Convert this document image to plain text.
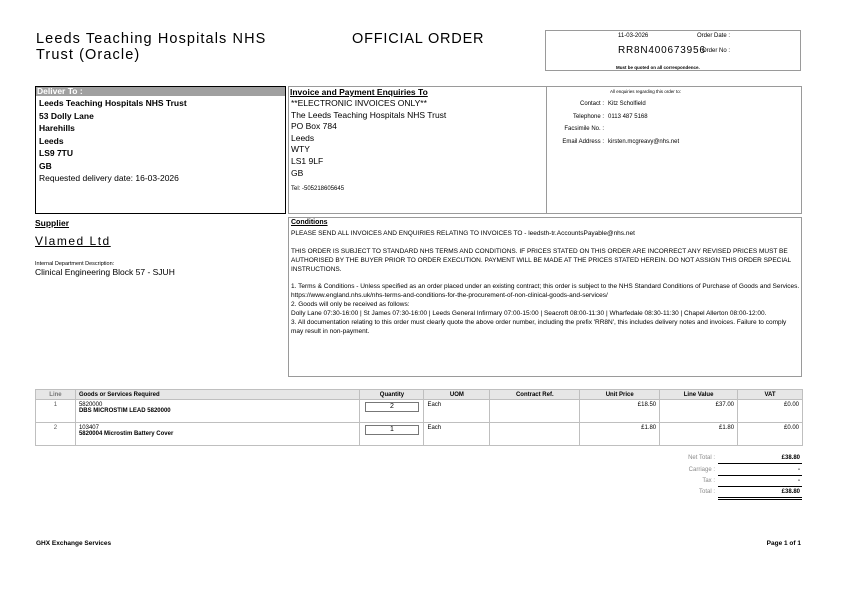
Leeds Teaching Hospitals NHS
Trust (Oracle)
OFFICIAL ORDER	Order Date :
11-03-2026
Order No :
RR8N400673956
Must be quoted on all correspondence.
Deliver To :
Leeds Teaching Hospitals NHS Trust
53 Dolly Lane
Harehills
Leeds
LS9 7TU
GB
Requested delivery date: 16-03-2026
Invoice and Payment Enquiries To
**ELECTRONIC INVOICES ONLY**
The Leeds Teaching Hospitals NHS Trust
PO Box 784
Leeds
WTY
LS1 9LF
GB
Tel: -505218605645
All enquiries regarding this order to:
Contact : Kitz Scholfield
Telephone : 0113 487 5168
Facsimile No. :
Email Address : kirsten.mcgreavy@nhs.net
Supplier
Vlamed Ltd
Internal Department Description:
Clinical Engineering Block 57 - SJUH
Conditions

PLEASE SEND ALL INVOICES AND ENQUIRIES RELATING TO INVOICES TO - leedsth-tr.AccountsPayable@nhs.net

THIS ORDER IS SUBJECT TO STANDARD NHS TERMS AND CONDITIONS. IF PRICES STATED ON THIS ORDER ARE INCORRECT ANY REVISED PRICES MUST BE AUTHORISED BY THE BUYER PRIOR TO ORDER EXECUTION. PAYMENT WILL BE MADE AT THE PRICES STATED HEREIN. DO NOT ASSIGN THIS ORDER SPECIAL INSTRUCTIONS.

1. Terms & Conditions - Unless specified as an order placed under an existing contract; this order is subject to the NHS Standard Conditions of Purchase of Goods and Services.

https://www.england.nhs.uk/nhs-terms-and-conditions-for-the-procurement-of-non-clinical-goods-and-services/

2. Goods will only be received as follows:

Dolly Lane 07:30-16:00 | St James 07:30-16:00 | Leeds General Infirmary 07:00-15:00 | Seacroft 08:00-11:30 | Wharfedale 08:30-11:30 | Chapel Allerton 08:00-12:00.

3. All documentation relating to this order must clearly quote the above order number, including the prefix 'RR8N', this includes delivery notes and invoices. Failure to comply may result in non-payment.

Line	Goods or Services Required	Quantity	UOM	Contract Ref.	Unit Price	Line Value	VAT
1	5820000
DBS MICROSTIM LEAD 5820000	2	Each		£18.50	£37.00	£0.00
2	103407
5820004 Microstim Battery Cover	1	Each		£1.80	£1.80	£0.00
Net Total :	£38.80
Carriage :	-
Tax :	-
Total :	£38.80
GHX Exchange Services	Page 1 of 1
